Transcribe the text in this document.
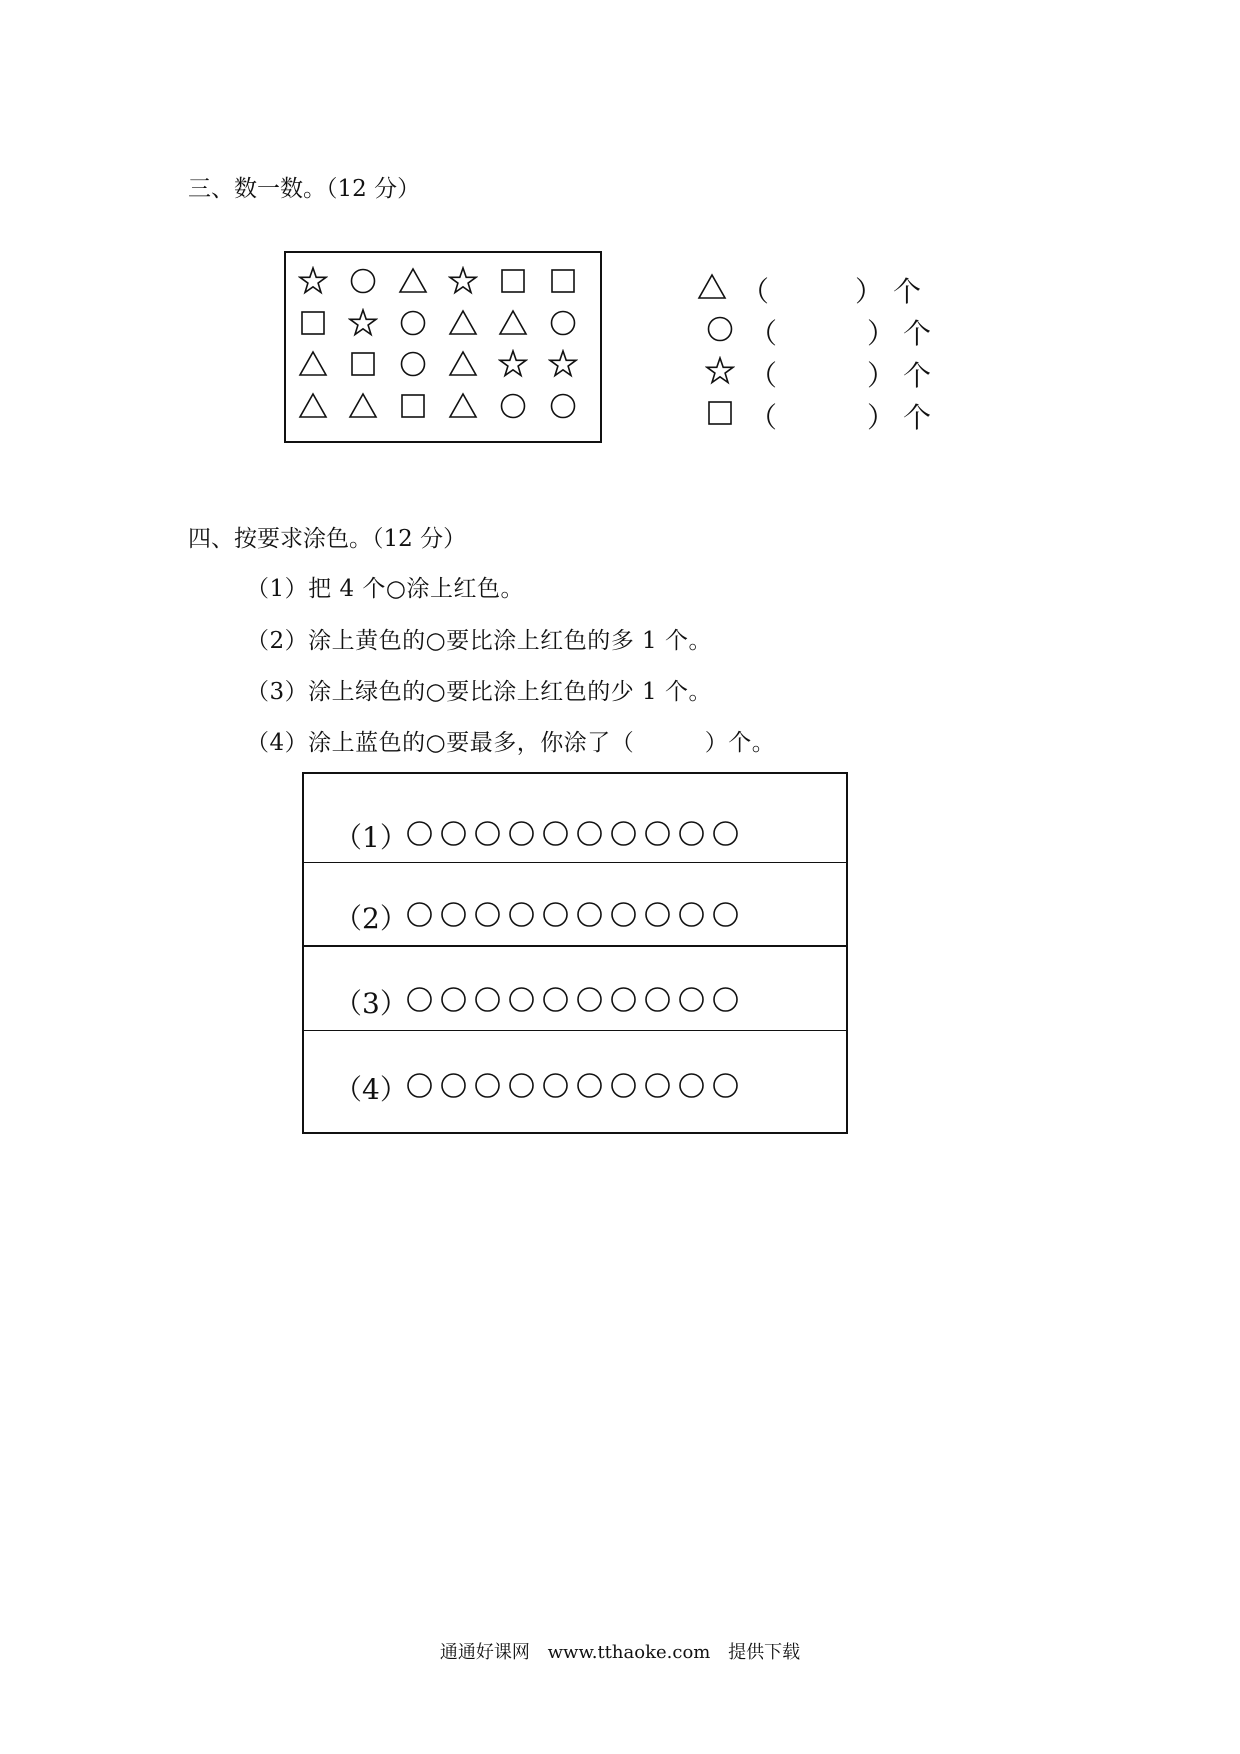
三、数一数。（12 分）
（	） 个
（	） 个
（	） 个
（	） 个
四、按要求涂色。（12 分）
（1）把 4 个○涂上红色。
（2）涂上黄色的○要比涂上红色的多 1 个。
（3）涂上绿色的○要比涂上红色的少 1 个。
（4）涂上蓝色的○要最多，你涂了（　　　）个。
（1）
（2）
（3）
（4）
通通好课网 www.tthaoke.com 提供下载
